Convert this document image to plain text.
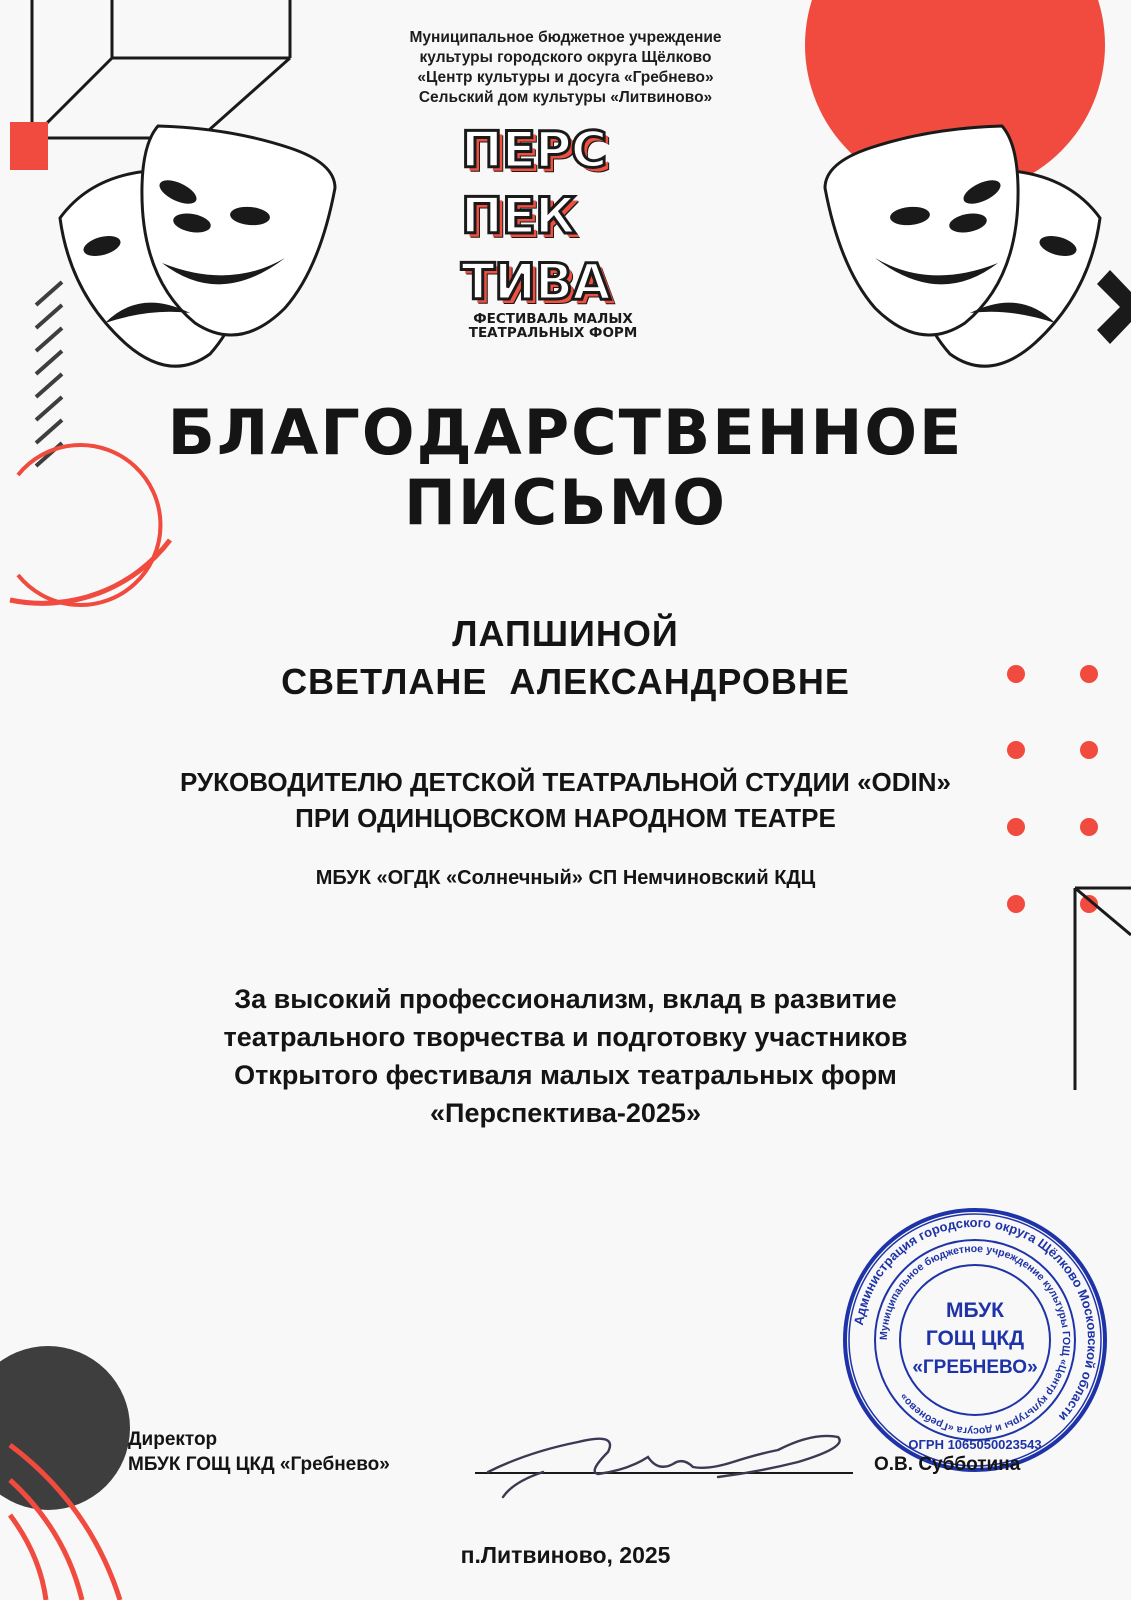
Муниципальное бюджетное учреждение
культуры городского округа Щёлково
«Центр культуры и досуга «Гребнево»
Сельский дом культуры «Литвиново»
ПЕРС
ПЕК
ТИВА
ФЕСТИВАЛЬ МАЛЫХ
ТЕАТРАЛЬНЫХ ФОРМ
БЛАГОДАРСТВЕННОЕ
ПИСЬМО
ЛАПШИНОЙ
СВЕТЛАНЕ  АЛЕКСАНДРОВНЕ
РУКОВОДИТЕЛЮ ДЕТСКОЙ ТЕАТРАЛЬНОЙ СТУДИИ «ODIN»
ПРИ ОДИНЦОВСКОМ НАРОДНОМ ТЕАТРЕ
МБУК «ОГДК «Солнечный» СП Немчиновский КДЦ
За высокий профессионализм, вклад в развитие
театрального творчества и подготовку участников
Открытого фестиваля малых театральных форм
«Перспектива-2025»
Администрация городского округа Щёлково Московской области
Муниципальное бюджетное учреждение культуры ГОЩ «Центр культуры и досуга «Гребнево»
ОГРН 1065050023543
МБУК
ГОЩ ЦКД
«ГРЕБНЕВО»
Директор
МБУК ГОЩ ЦКД «Гребнево»	О.В. Субботина
п.Литвиново, 2025
